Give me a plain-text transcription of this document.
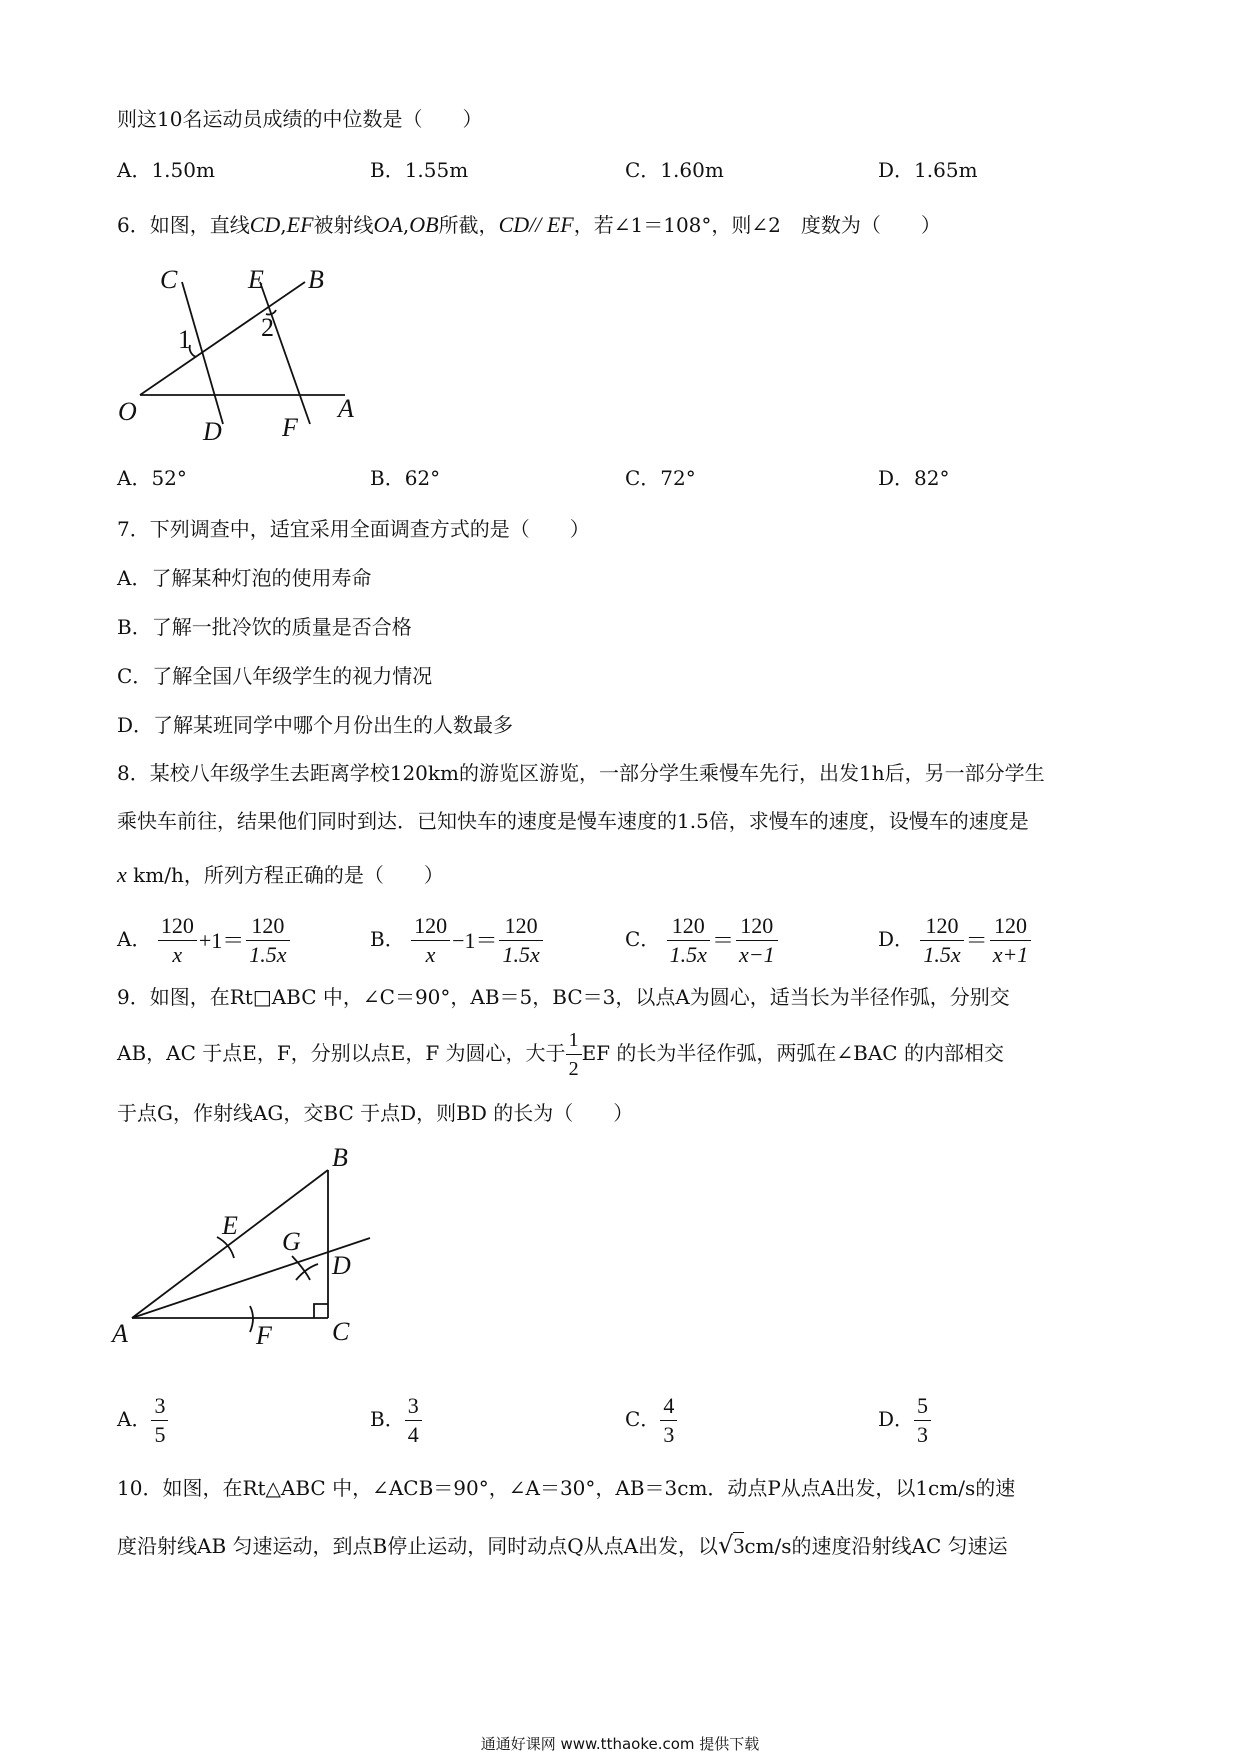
则这10名运动员成绩的中位数是（　　）
A．1.50m	B．1.55m	C．1.60m	D．1.65m
6．如图，直线CD,EF被射线OA,OB所截，CD// EF，若∠1＝108°，则∠2　度数为（　　）
C	E B
1	2
O
D F
A
A．52°	B．62°	C．72°	D．82°
7．下列调查中，适宜采用全面调查方式的是（　　）
A．了解某种灯泡的使用寿命
B．了解一批冷饮的质量是否合格
C．了解全国八年级学生的视力情况
D．了解某班同学中哪个月份出生的人数最多
8．某校八年级学生去距离学校120km的游览区游览，一部分学生乘慢车先行，出发1h后，另一部分学生
乘快车前往，结果他们同时到达．已知快车的速度是慢车速度的1.5倍，求慢车的速度，设慢车的速度是
x km/h，所列方程正确的是（　　）
A． $\frac{120}{x} +1= \frac{120}{1.5x}$	B． $\frac{120}{x} -1= \frac{120}{1.5x}$	C． $\frac{120}{1.5x} = \frac{120}{x-1}$	D． $\frac{120}{1.5x} = \frac{120}{x+1}$
9．如图，在Rt□ABC 中，∠C＝90°，AB＝5，BC＝3，以点A为圆心，适当长为半径作弧，分别交
AB，AC 于点E，F，分别以点E，F 为圆心，大于 $\frac{1}{2}$ EF 的长为半径作弧，两弧在∠BAC 的内部相交
于点G，作射线AG，交BC 于点D，则BD 的长为（　　）
B
E
G
D
A	F C
A． $\frac{3}{5}$	B． $\frac{3}{4}$	C． $\frac{4}{3}$	D． $\frac{5}{3}$
10．如图，在Rt△ABC 中，∠ACB＝90°，∠A＝30°，AB＝3cm．动点P从点A出发，以1cm/s的速
度沿射线AB 匀速运动，到点B停止运动，同时动点Q从点A出发，以√3cm/s的速度沿射线AC 匀速运
通通好课网 www.tthaoke.com 提供下载
